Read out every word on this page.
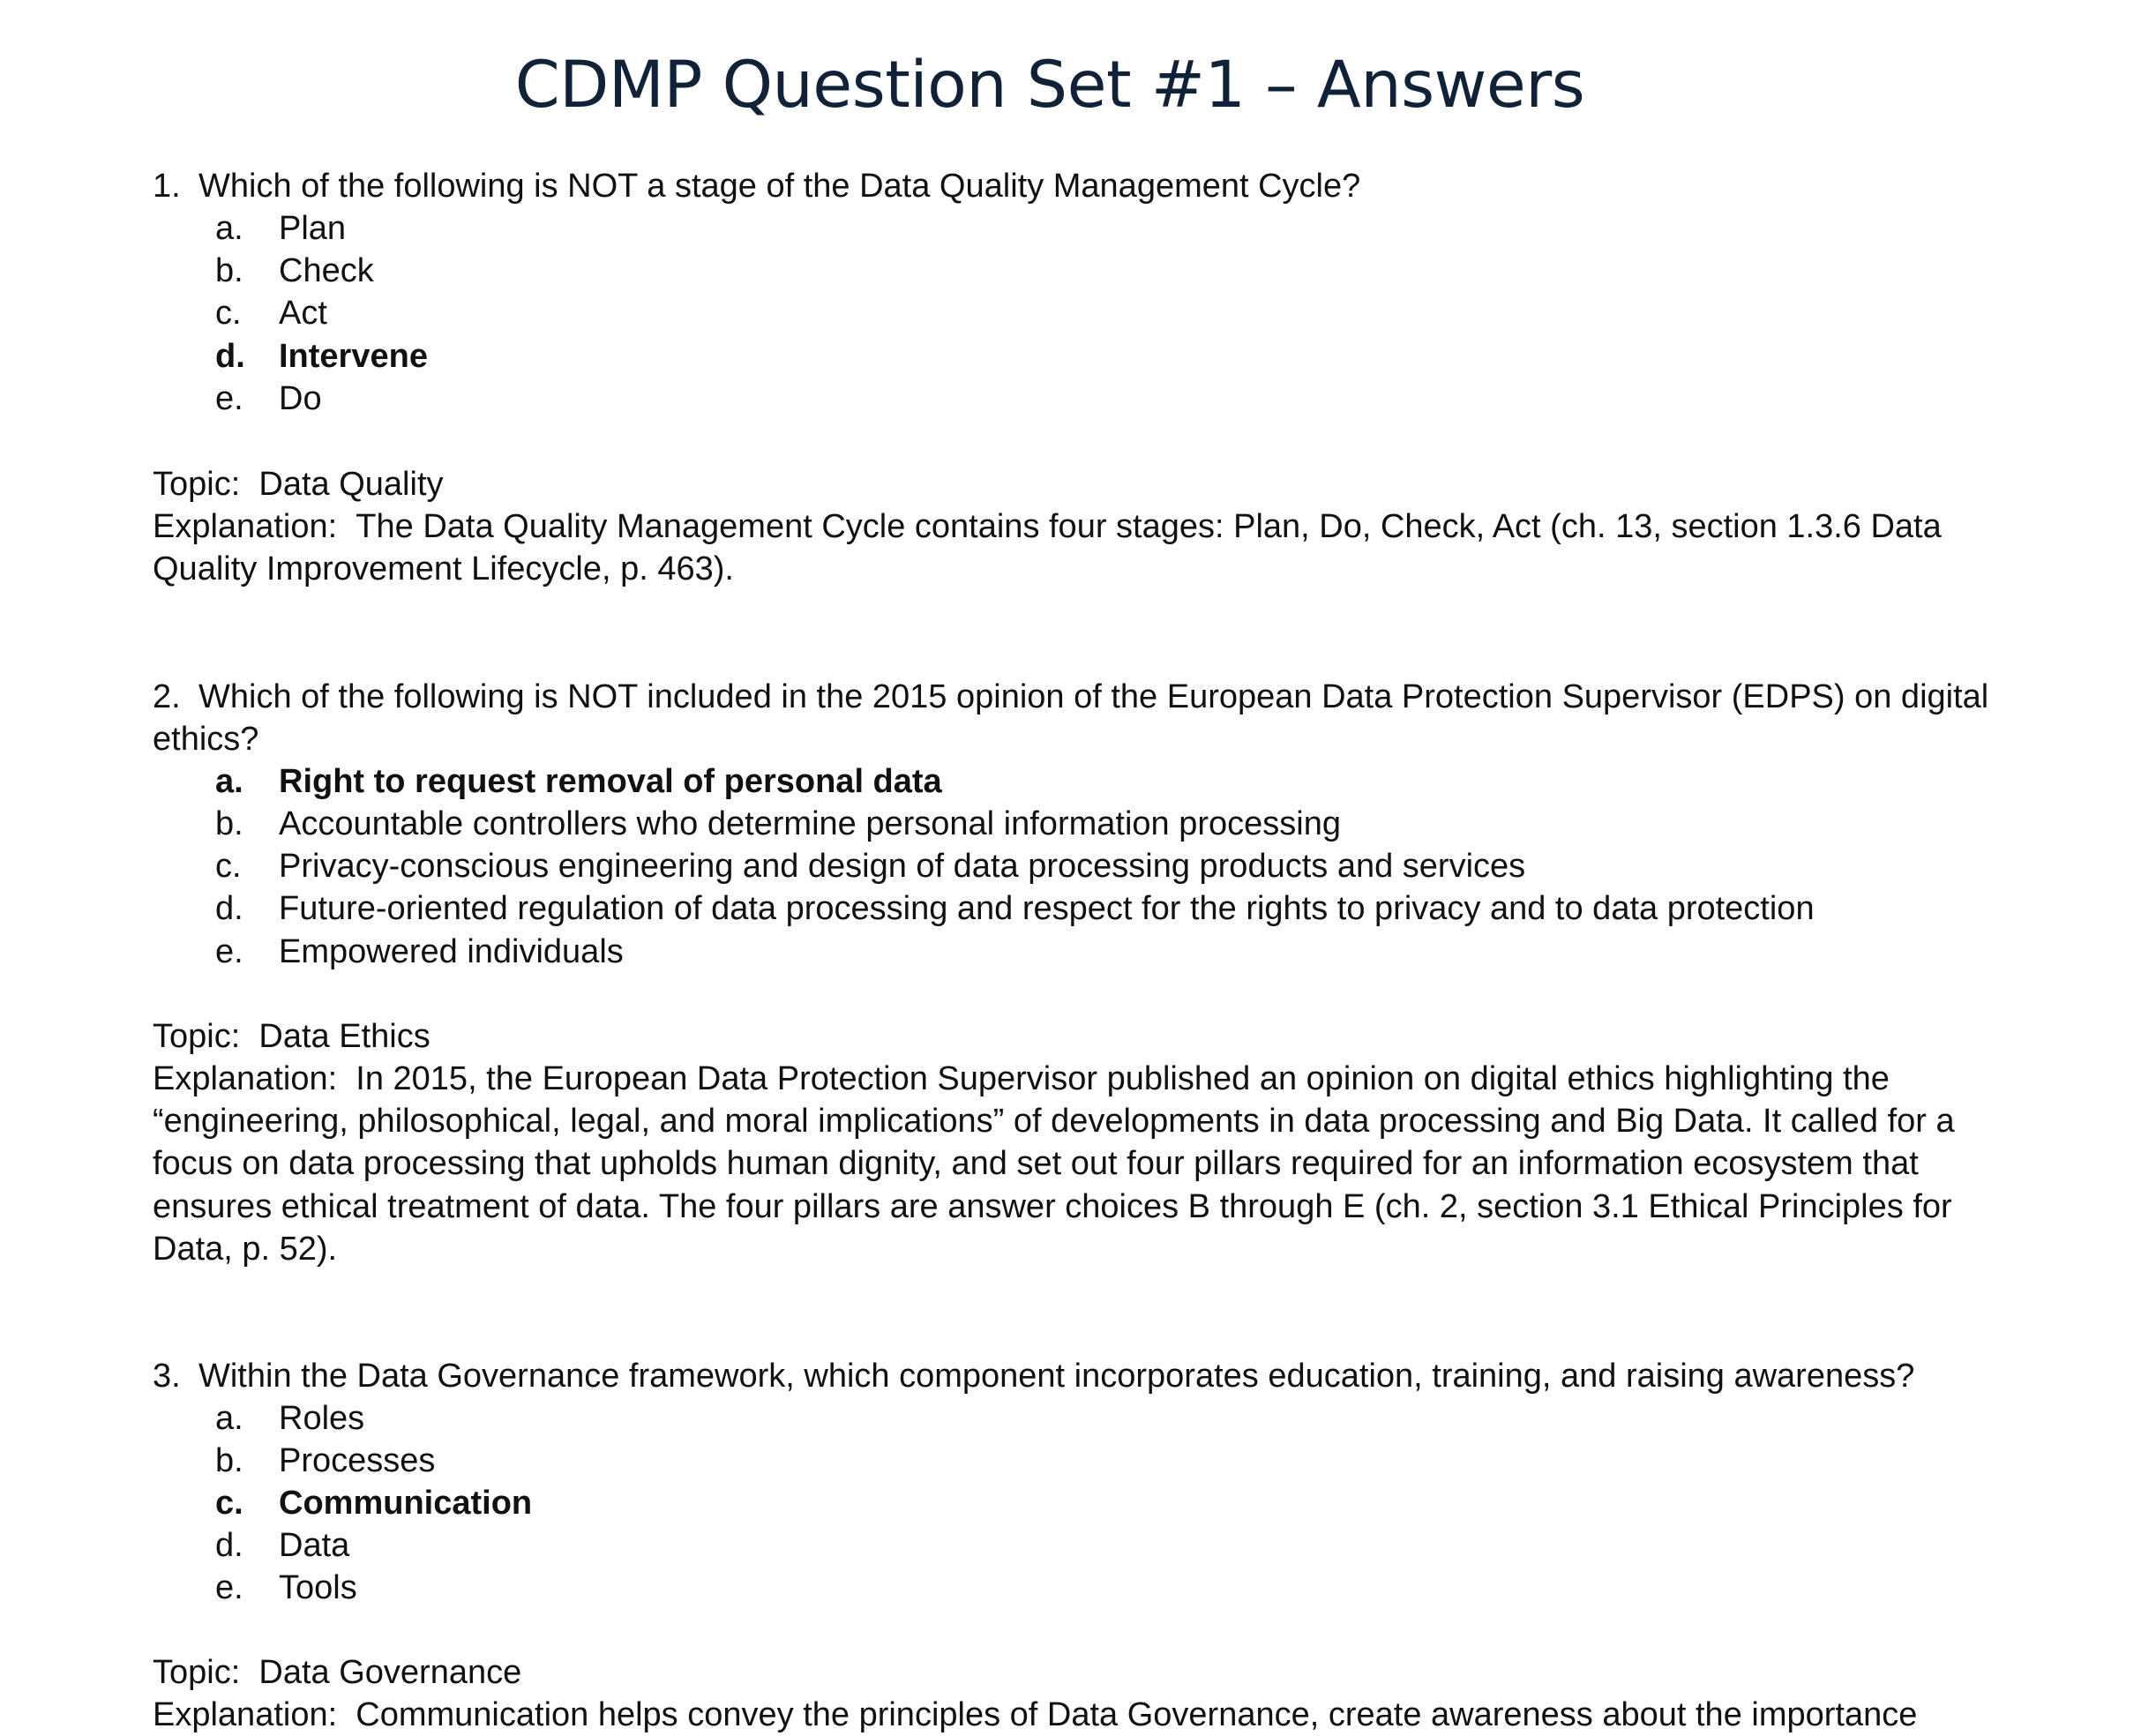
CDMP Question Set #1 – Answers
1. Which of the following is NOT a stage of the Data Quality Management Cycle?
a. Plan
b. Check
c. Act
d. Intervene
e. Do
Topic: Data Quality
Explanation: The Data Quality Management Cycle contains four stages: Plan, Do, Check, Act (ch. 13, section 1.3.6 Data Quality Improvement Lifecycle, p. 463).
2. Which of the following is NOT included in the 2015 opinion of the European Data Protection Supervisor (EDPS) on digital ethics?
a. Right to request removal of personal data
b. Accountable controllers who determine personal information processing
c. Privacy-conscious engineering and design of data processing products and services
d. Future-oriented regulation of data processing and respect for the rights to privacy and to data protection
e. Empowered individuals
Topic: Data Ethics
Explanation: In 2015, the European Data Protection Supervisor published an opinion on digital ethics highlighting the “engineering, philosophical, legal, and moral implications” of developments in data processing and Big Data. It called for a focus on data processing that upholds human dignity, and set out four pillars required for an information ecosystem that ensures ethical treatment of data. The four pillars are answer choices B through E (ch. 2, section 3.1 Ethical Principles for Data, p. 52).
3. Within the Data Governance framework, which component incorporates education, training, and raising awareness?
a. Roles
b. Processes
c. Communication
d. Data
e. Tools
Topic: Data Governance
Explanation: Communication helps convey the principles of Data Governance, create awareness about the importance
